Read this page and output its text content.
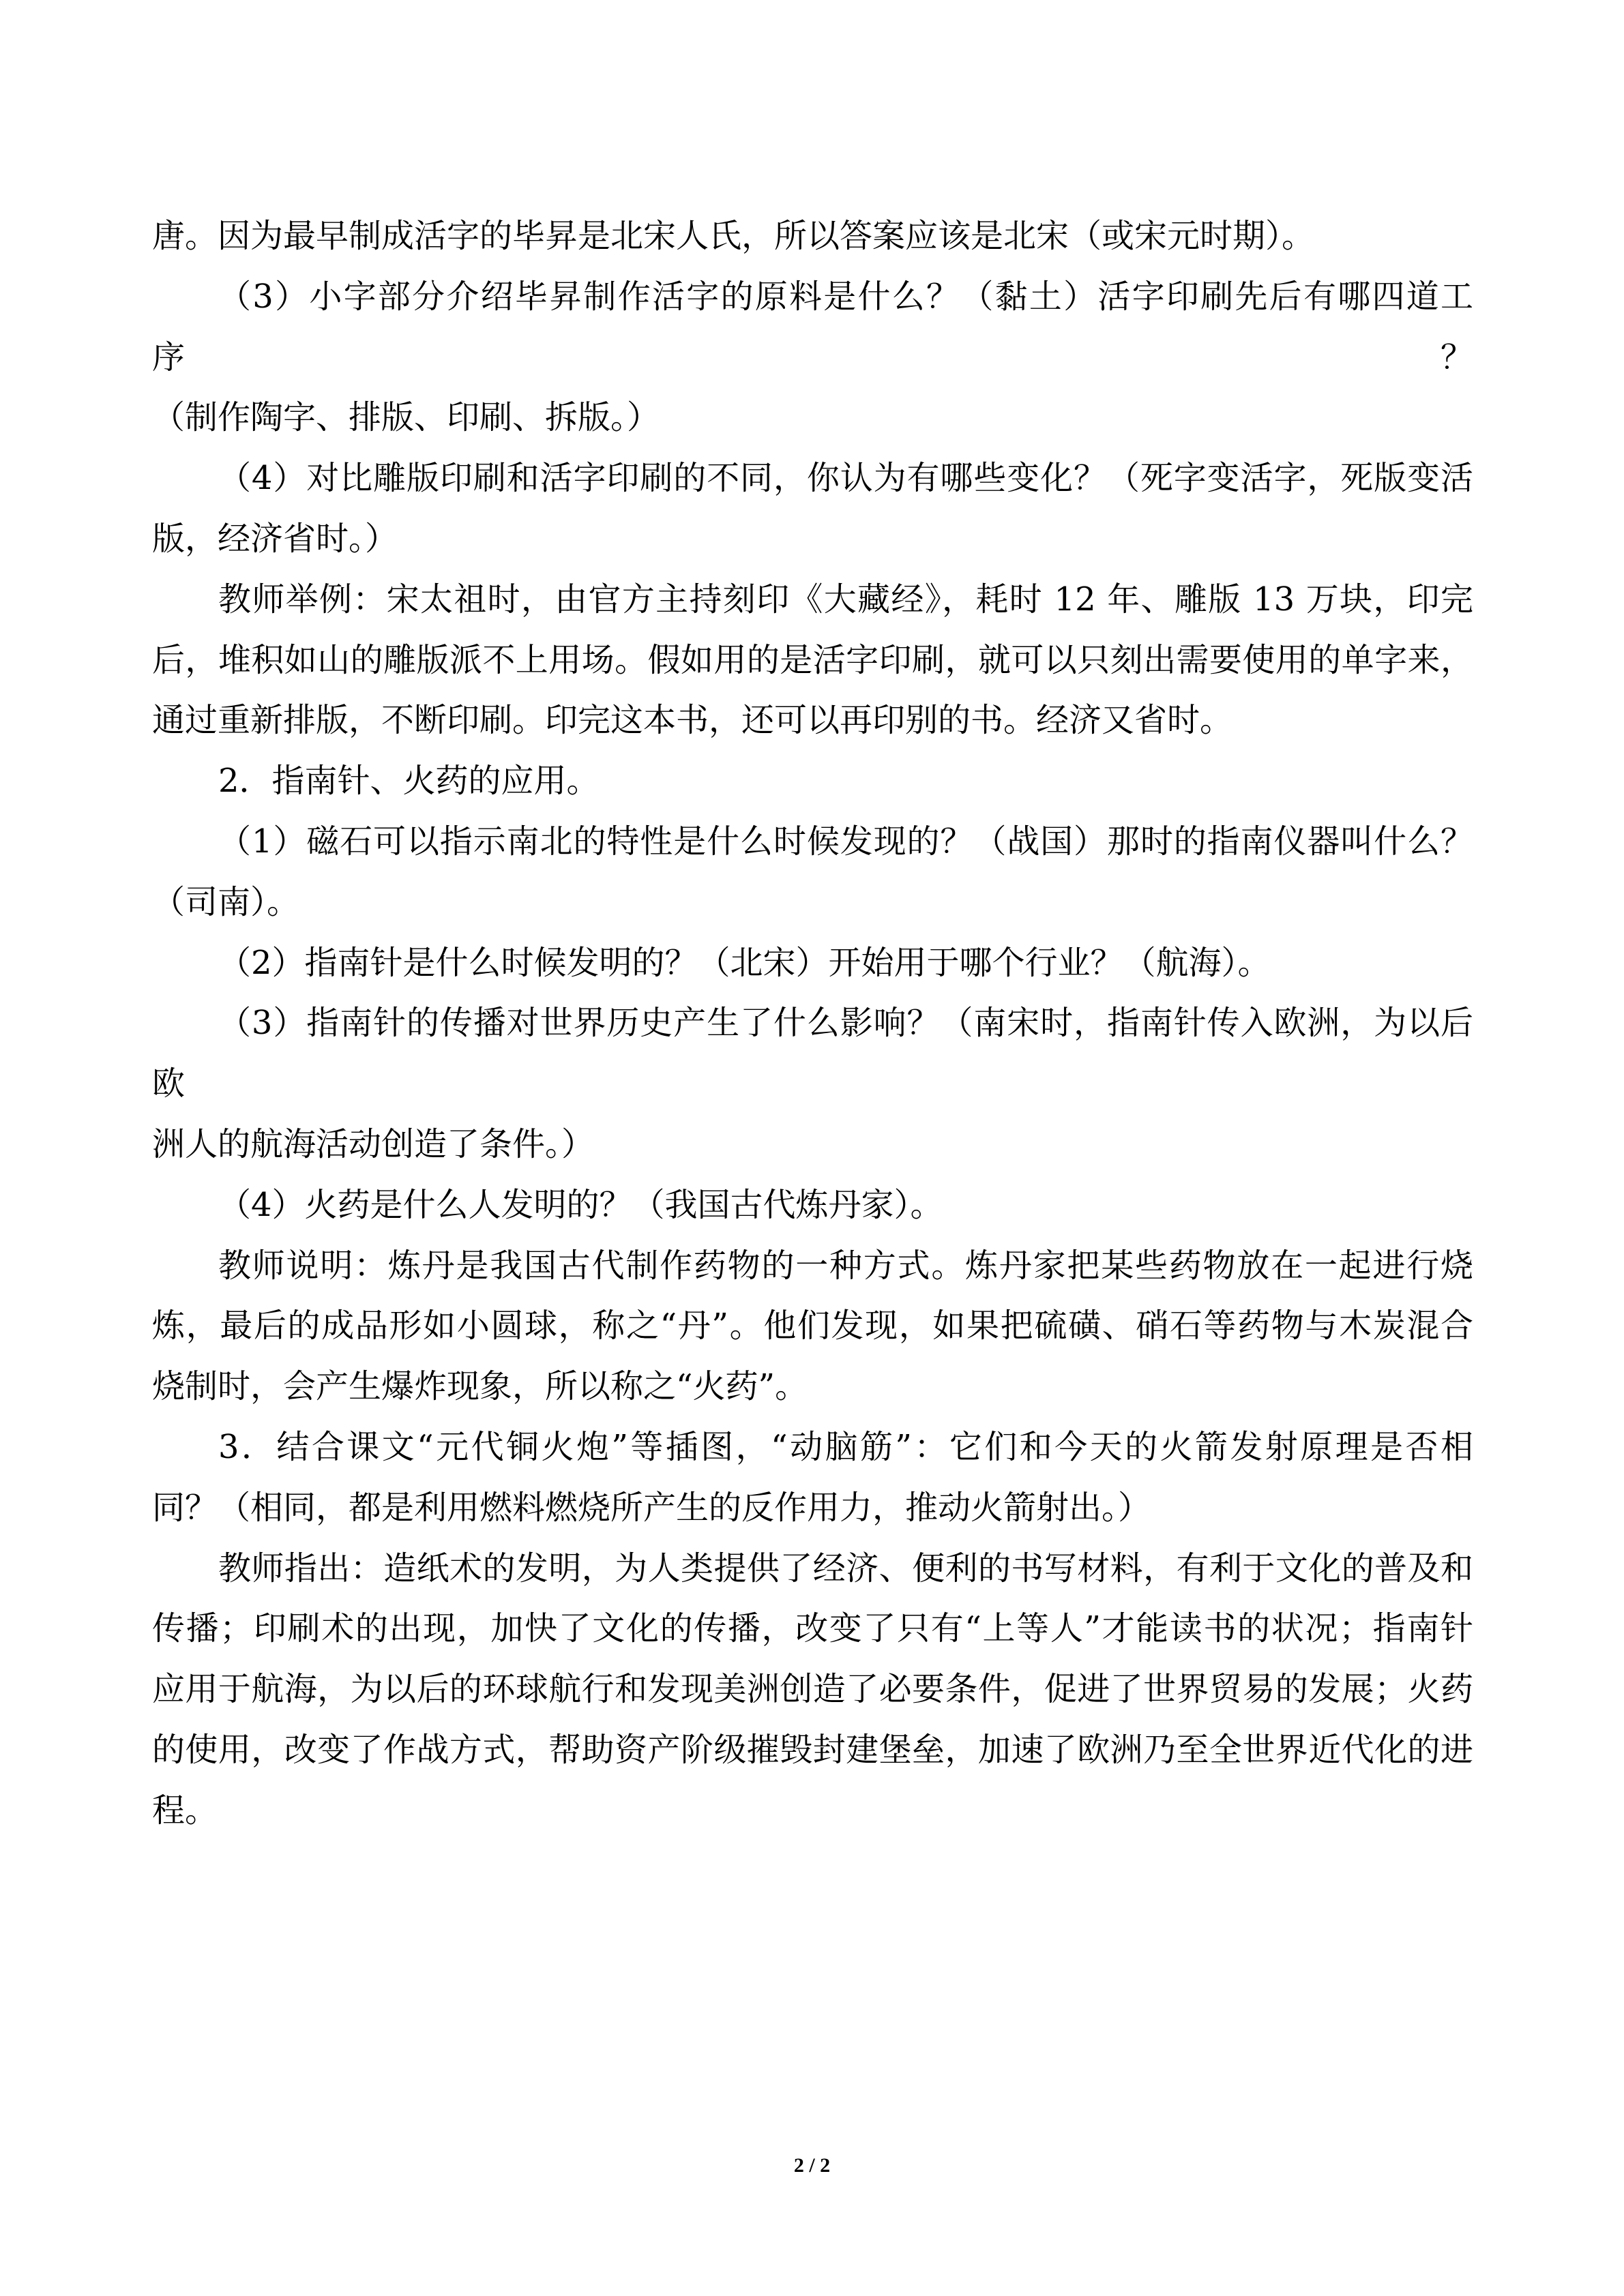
唐。因为最早制成活字的毕昇是北宋人氏，所以答案应该是北宋（或宋元时期）。
（3）小字部分介绍毕昇制作活字的原料是什么？（黏土）活字印刷先后有哪四道工序？
（制作陶字、排版、印刷、拆版。）
（4）对比雕版印刷和活字印刷的不同，你认为有哪些变化？（死字变活字，死版变活
版，经济省时。）
教师举例：宋太祖时，由官方主持刻印《大藏经》，耗时 12 年、雕版 13 万块，印完
后，堆积如山的雕版派不上用场。假如用的是活字印刷，就可以只刻出需要使用的单字来，
通过重新排版，不断印刷。印完这本书，还可以再印别的书。经济又省时。
2．指南针、火药的应用。
（1）磁石可以指示南北的特性是什么时候发现的？（战国）那时的指南仪器叫什么？
（司南）。
（2）指南针是什么时候发明的？（北宋）开始用于哪个行业？（航海）。
（3）指南针的传播对世界历史产生了什么影响？（南宋时，指南针传入欧洲，为以后欧
洲人的航海活动创造了条件。）
（4）火药是什么人发明的？（我国古代炼丹家）。
教师说明：炼丹是我国古代制作药物的一种方式。炼丹家把某些药物放在一起进行烧
炼，最后的成品形如小圆球，称之“丹”。他们发现，如果把硫磺、硝石等药物与木炭混合
烧制时，会产生爆炸现象，所以称之“火药”。
3．结合课文“元代铜火炮”等插图，“动脑筋”：它们和今天的火箭发射原理是否相
同？（相同，都是利用燃料燃烧所产生的反作用力，推动火箭射出。）
教师指出：造纸术的发明，为人类提供了经济、便利的书写材料，有利于文化的普及和
传播；印刷术的出现，加快了文化的传播，改变了只有“上等人”才能读书的状况；指南针
应用于航海，为以后的环球航行和发现美洲创造了必要条件，促进了世界贸易的发展；火药
的使用，改变了作战方式，帮助资产阶级摧毁封建堡垒，加速了欧洲乃至全世界近代化的进
程。
2 / 2
